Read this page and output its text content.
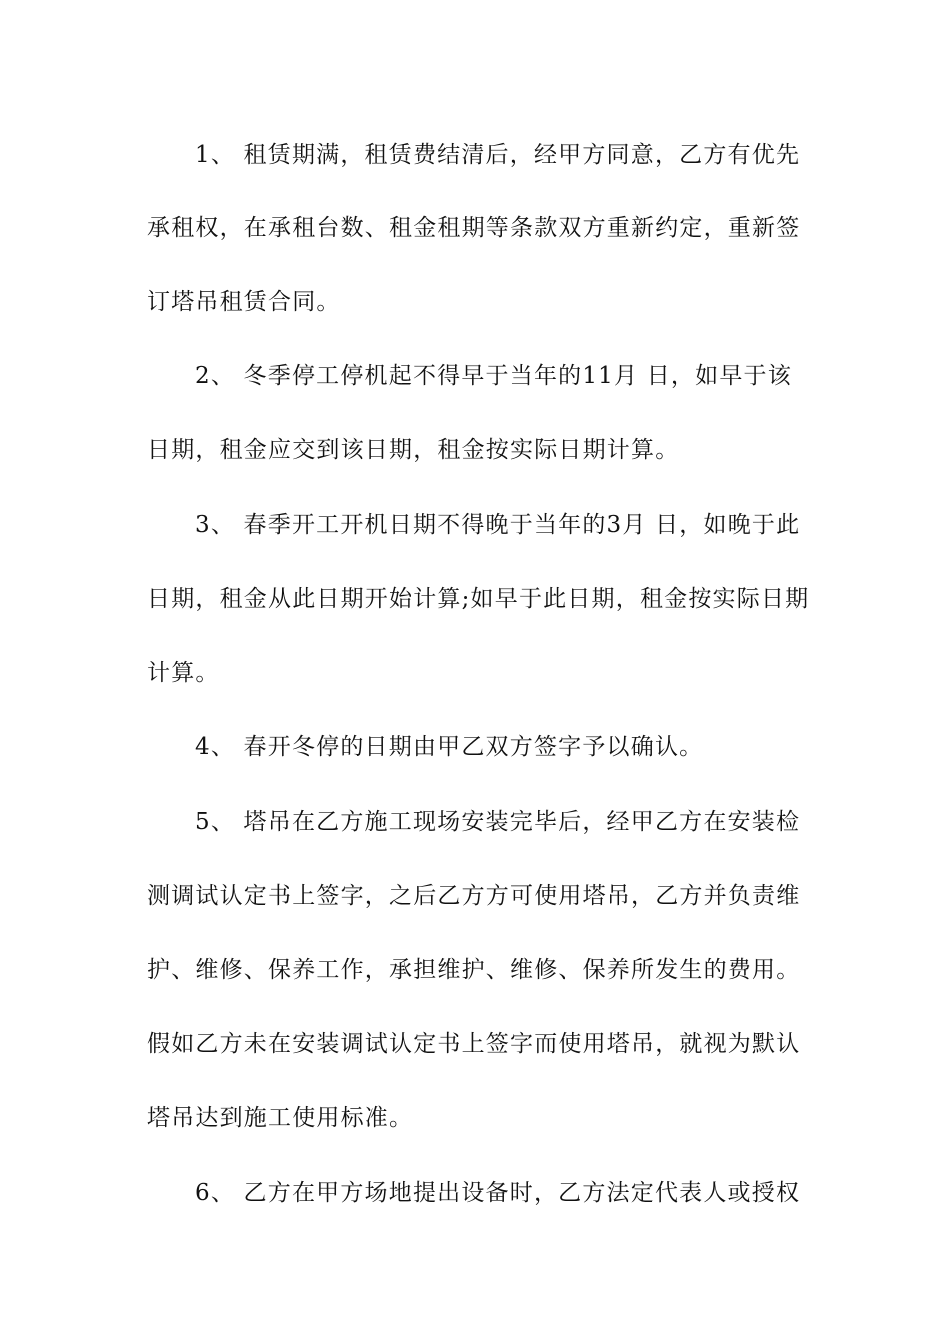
1、 租赁期满，租赁费结清后，经甲方同意，乙方有优先
承租权，在承租台数、租金租期等条款双方重新约定，重新签
订塔吊租赁合同。
2、 冬季停工停机起不得早于当年的11月 日，如早于该
日期，租金应交到该日期，租金按实际日期计算。
3、 春季开工开机日期不得晚于当年的3月 日，如晚于此
日期，租金从此日期开始计算;如早于此日期，租金按实际日期
计算。
4、 春开冬停的日期由甲乙双方签字予以确认。
5、 塔吊在乙方施工现场安装完毕后，经甲乙方在安装检
测调试认定书上签字，之后乙方方可使用塔吊，乙方并负责维
护、维修、保养工作，承担维护、维修、保养所发生的费用。
假如乙方未在安装调试认定书上签字而使用塔吊，就视为默认
塔吊达到施工使用标准。
6、 乙方在甲方场地提出设备时，乙方法定代表人或授权
